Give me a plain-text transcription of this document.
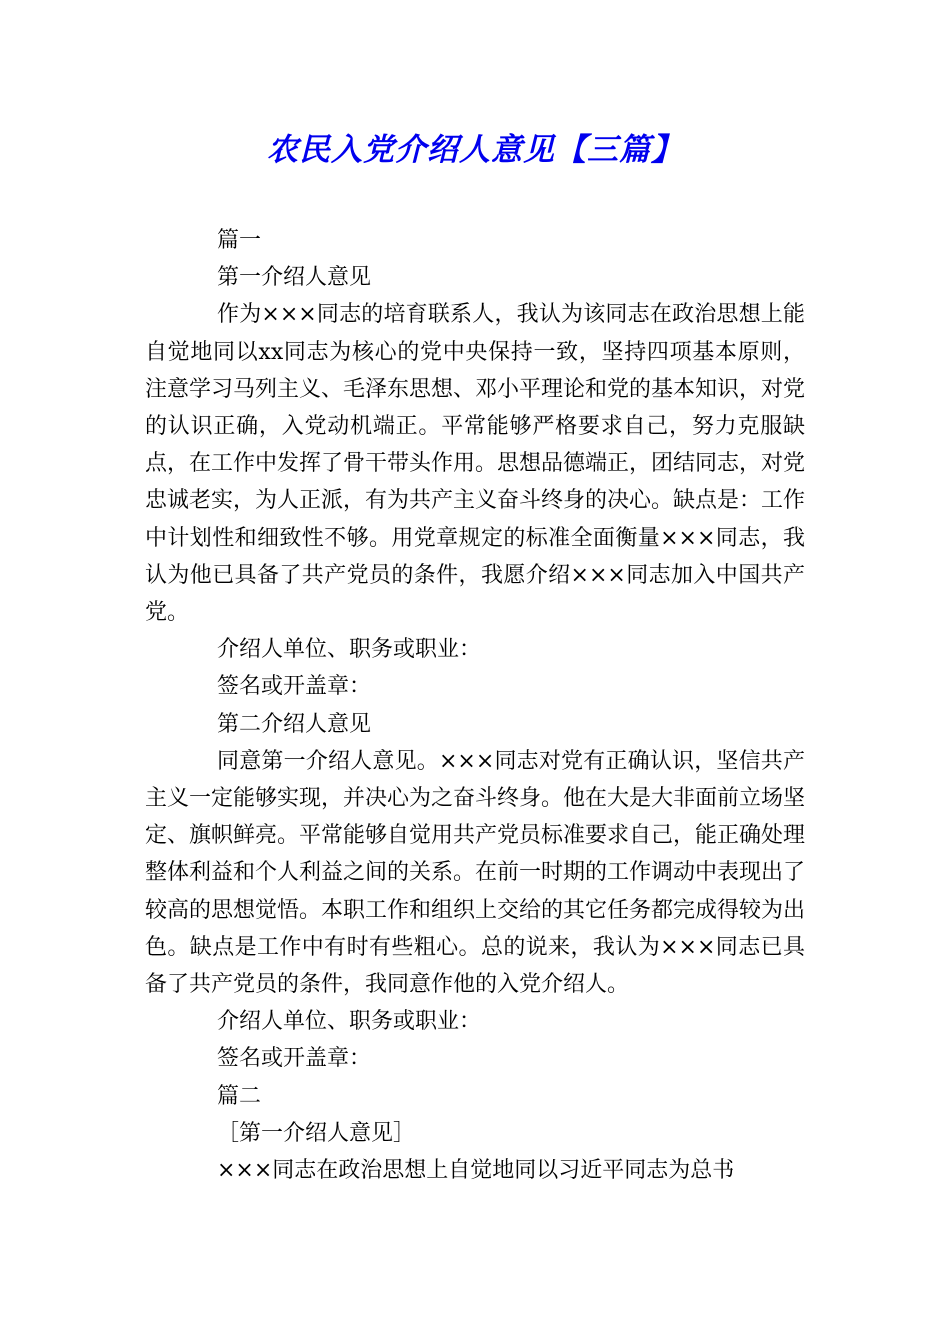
农民入党介绍人意见【三篇】

篇一

第一介绍人意见

作为×××同志的培育联系人，我认为该同志在政治思想上能自觉地同以xx同志为核心的党中央保持一致，坚持四项基本原则，注意学习马列主义、毛泽东思想、邓小平理论和党的基本知识，对党的认识正确，入党动机端正。平常能够严格要求自己，努力克服缺点，在工作中发挥了骨干带头作用。思想品德端正，团结同志，对党忠诚老实，为人正派，有为共产主义奋斗终身的决心。缺点是：工作中计划性和细致性不够。用党章规定的标准全面衡量×××同志，我认为他已具备了共产党员的条件，我愿介绍×××同志加入中国共产党。

介绍人单位、职务或职业：

签名或开盖章：

第二介绍人意见

同意第一介绍人意见。×××同志对党有正确认识，坚信共产主义一定能够实现，并决心为之奋斗终身。他在大是大非面前立场坚定、旗帜鲜亮。平常能够自觉用共产党员标准要求自己，能正确处理整体利益和个人利益之间的关系。在前一时期的工作调动中表现出了较高的思想觉悟。本职工作和组织上交给的其它任务都完成得较为出色。缺点是工作中有时有些粗心。总的说来，我认为×××同志已具备了共产党员的条件，我同意作他的入党介绍人。

介绍人单位、职务或职业：

签名或开盖章：

篇二

［第一介绍人意见］

×××同志在政治思想上自觉地同以习近平同志为总书
